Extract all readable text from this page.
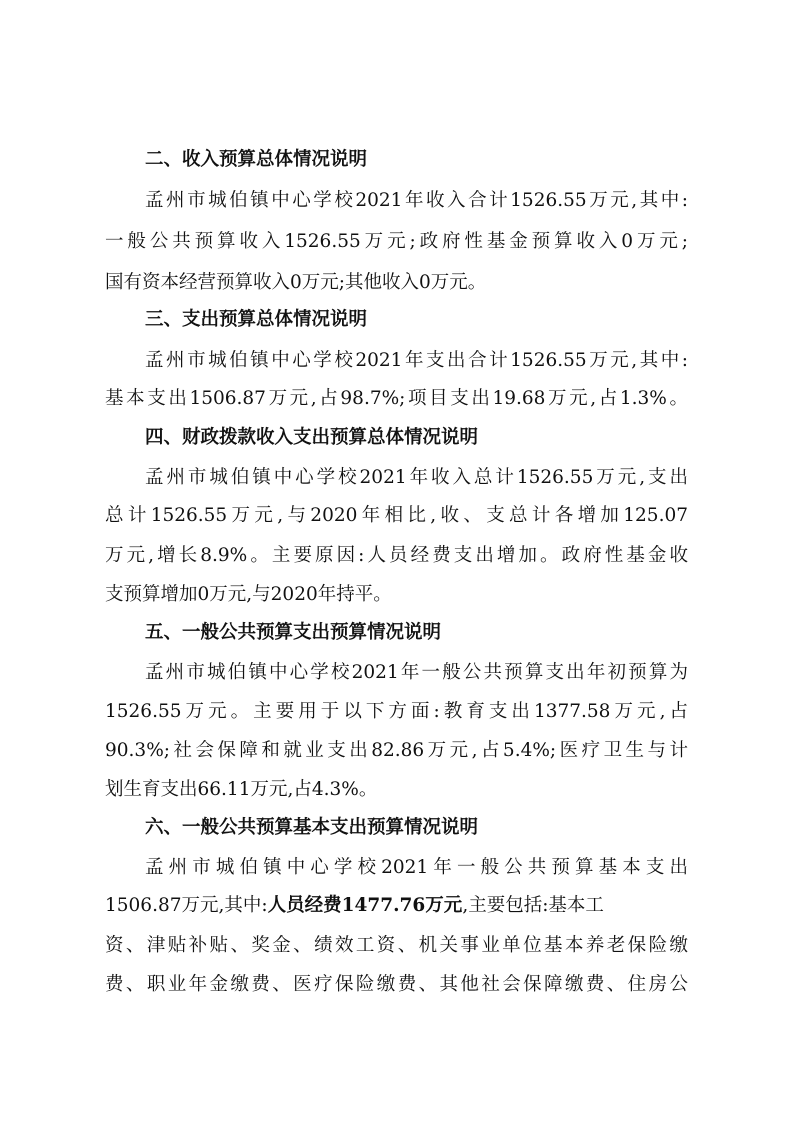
二、收入预算总体情况说明
孟州市城伯镇中心学校2021年收入合计1526.55万元,其中:
一般公共预算收入1526.55万元;政府性基金预算收入0万元;
国有资本经营预算收入0万元;其他收入0万元。
三、支出预算总体情况说明
孟州市城伯镇中心学校2021年支出合计1526.55万元,其中:
基本支出1506.87万元,占98.7%;项目支出19.68万元,占1.3%。
四、财政拨款收入支出预算总体情况说明
孟州市城伯镇中心学校2021年收入总计1526.55万元,支出
总计1526.55万元,与2020年相比,收、支总计各增加125.07
万元,增长8.9%。主要原因:人员经费支出增加。政府性基金收
支预算增加0万元,与2020年持平。
五、一般公共预算支出预算情况说明
孟州市城伯镇中心学校2021年一般公共预算支出年初预算为
1526.55万元。主要用于以下方面:教育支出1377.58万元,占
90.3%;社会保障和就业支出82.86万元,占5.4%;医疗卫生与计
划生育支出66.11万元,占4.3%。
六、一般公共预算基本支出预算情况说明
孟州市城伯镇中心学校2021年一般公共预算基本支出
1506.87万元,其中:人员经费1477.76万元,主要包括:基本工
资、津贴补贴、奖金、绩效工资、机关事业单位基本养老保险缴
费、职业年金缴费、医疗保险缴费、其他社会保障缴费、住房公
